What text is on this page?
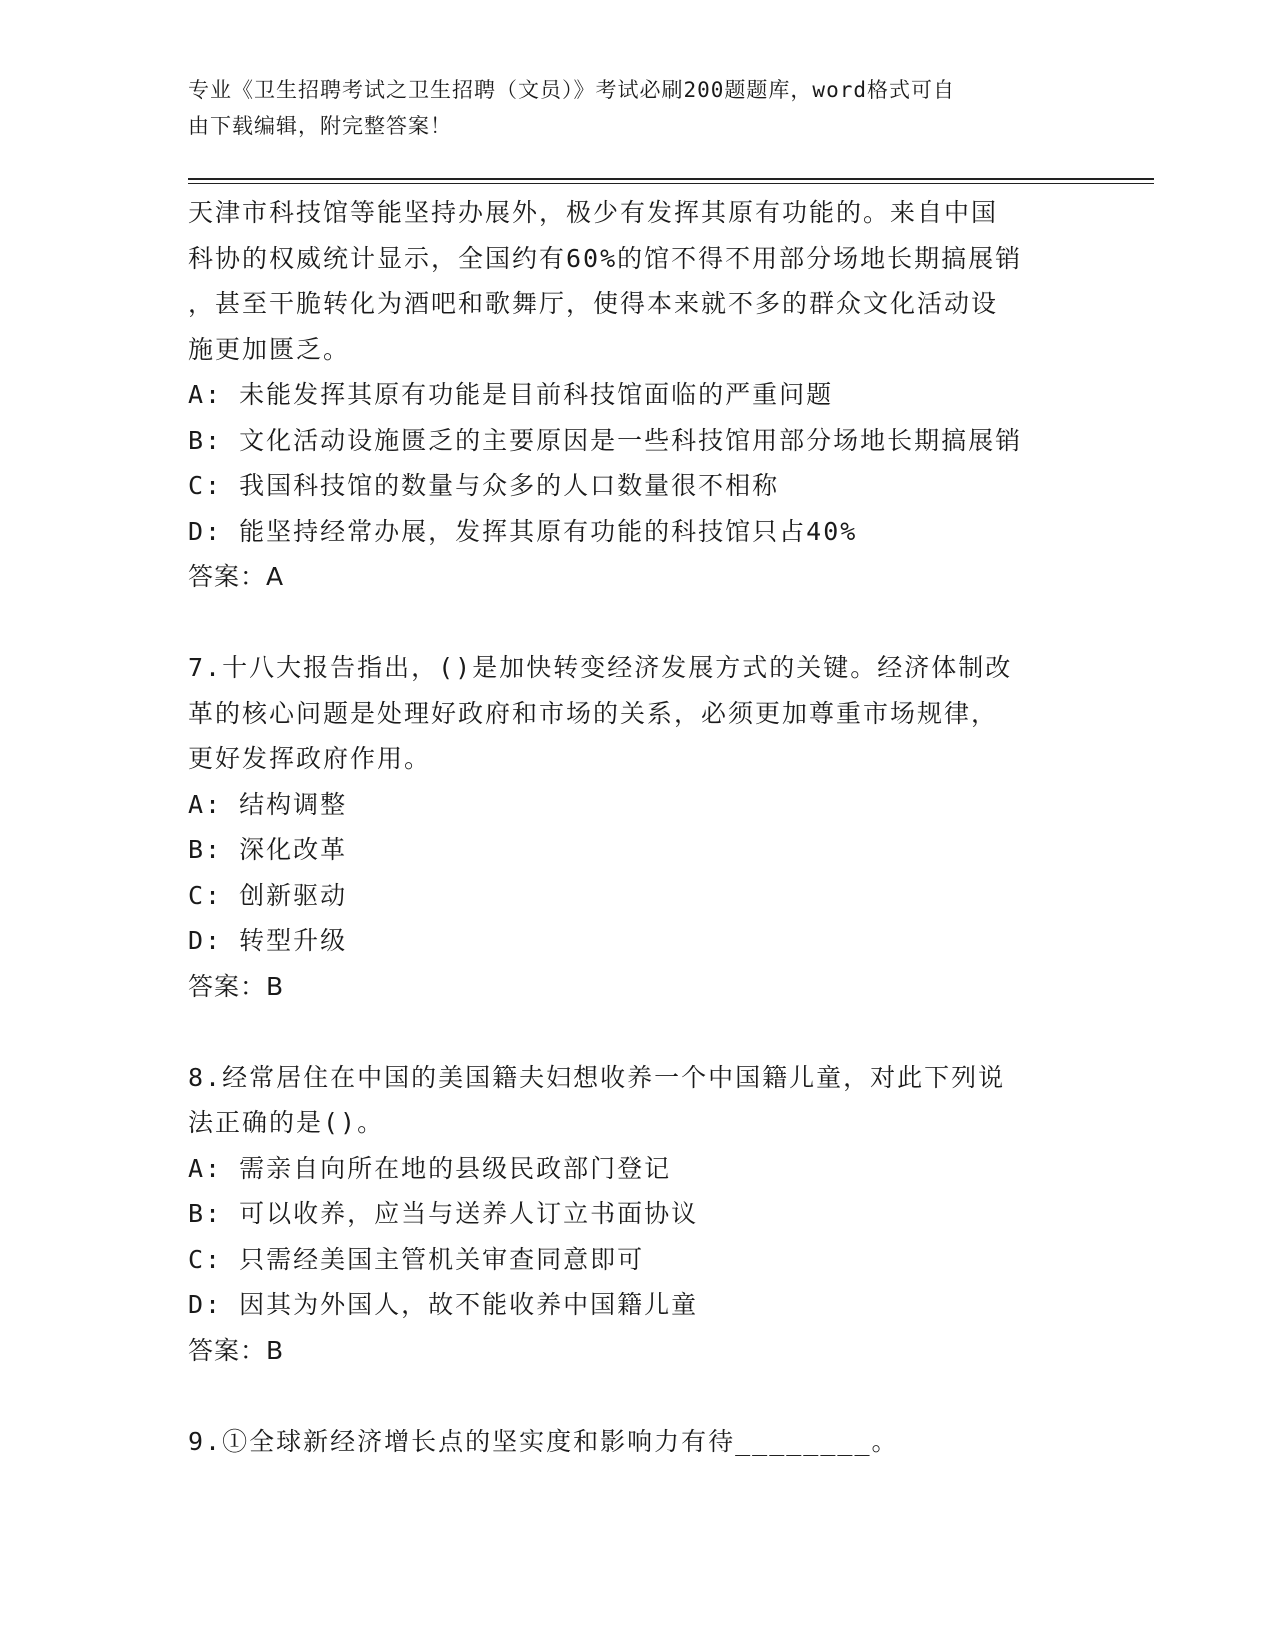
专业《卫生招聘考试之卫生招聘（文员）》考试必刷200题题库，word格式可自
由下载编辑，附完整答案！
天津市科技馆等能坚持办展外，极少有发挥其原有功能的。来自中国
科协的权威统计显示，全国约有60%的馆不得不用部分场地长期搞展销
，甚至干脆转化为酒吧和歌舞厅，使得本来就不多的群众文化活动设
施更加匮乏。
A: 未能发挥其原有功能是目前科技馆面临的严重问题
B: 文化活动设施匮乏的主要原因是一些科技馆用部分场地长期搞展销
C: 我国科技馆的数量与众多的人口数量很不相称
D: 能坚持经常办展，发挥其原有功能的科技馆只占40%
答案：A
7.十八大报告指出，()是加快转变经济发展方式的关键。经济体制改
革的核心问题是处理好政府和市场的关系，必须更加尊重市场规律，
更好发挥政府作用。
A: 结构调整
B: 深化改革
C: 创新驱动
D: 转型升级
答案：B
8.经常居住在中国的美国籍夫妇想收养一个中国籍儿童，对此下列说
法正确的是()。
A: 需亲自向所在地的县级民政部门登记
B: 可以收养，应当与送养人订立书面协议
C: 只需经美国主管机关审查同意即可
D: 因其为外国人，故不能收养中国籍儿童
答案：B
9.①全球新经济增长点的坚实度和影响力有待________。
